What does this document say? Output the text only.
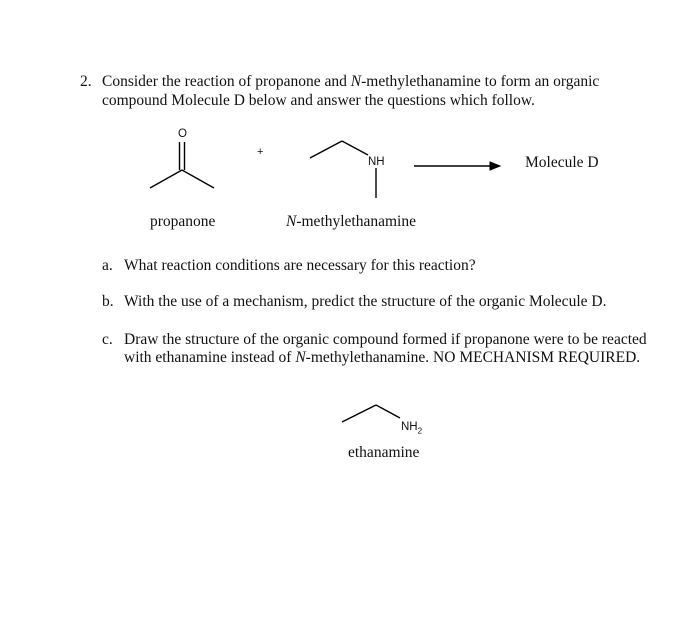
2. Consider the reaction of propanone and N-methylethanamine to form an organic
compound Molecule D below and answer the questions which follow.
O
+
NH	Molecule D
propanone	N-methylethanamine
a. What reaction conditions are necessary for this reaction?
b. With the use of a mechanism, predict the structure of the organic Molecule D.
c. Draw the structure of the organic compound formed if propanone were to be reacted
with ethanamine instead of N-methylethanamine. NO MECHANISM REQUIRED.
$NH_2$
ethanamine
